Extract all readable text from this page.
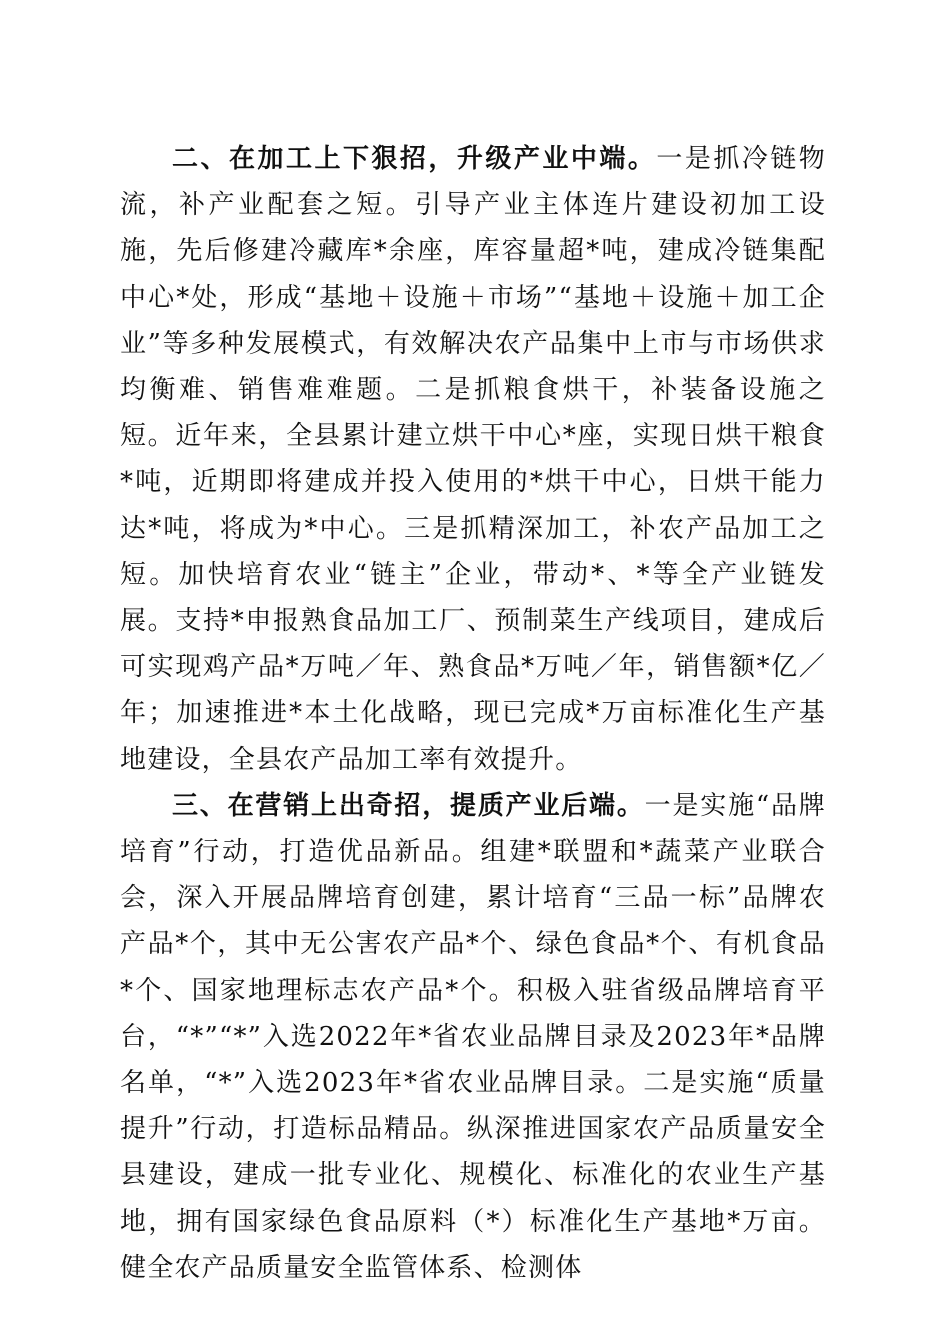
二、在加工上下狠招，升级产业中端。一是抓冷链物流，补产业配套之短。引导产业主体连片建设初加工设施，先后修建冷藏库*余座，库容量超*吨，建成冷链集配中心*处，形成“基地＋设施＋市场”“基地＋设施＋加工企业”等多种发展模式，有效解决农产品集中上市与市场供求均衡难、销售难难题。二是抓粮食烘干，补装备设施之短。近年来，全县累计建立烘干中心*座，实现日烘干粮食*吨，近期即将建成并投入使用的*烘干中心，日烘干能力达*吨，将成为*中心。三是抓精深加工，补农产品加工之短。加快培育农业“链主”企业，带动*、*等全产业链发展。支持*申报熟食品加工厂、预制菜生产线项目，建成后可实现鸡产品*万吨／年、熟食品*万吨／年，销售额*亿／年；加速推进*本土化战略，现已完成*万亩标准化生产基地建设，全县农产品加工率有效提升。

三、在营销上出奇招，提质产业后端。一是实施“品牌培育”行动，打造优品新品。组建*联盟和*蔬菜产业联合会，深入开展品牌培育创建，累计培育“三品一标”品牌农产品*个，其中无公害农产品*个、绿色食品*个、有机食品*个、国家地理标志农产品*个。积极入驻省级品牌培育平台，“*”“*”入选2022年*省农业品牌目录及2023年*品牌名单，“*”入选2023年*省农业品牌目录。二是实施“质量提升”行动，打造标品精品。纵深推进国家农产品质量安全县建设，建成一批专业化、规模化、标准化的农业生产基地，拥有国家绿色食品原料（*）标准化生产基地*万亩。健全农产品质量安全监管体系、检测体
